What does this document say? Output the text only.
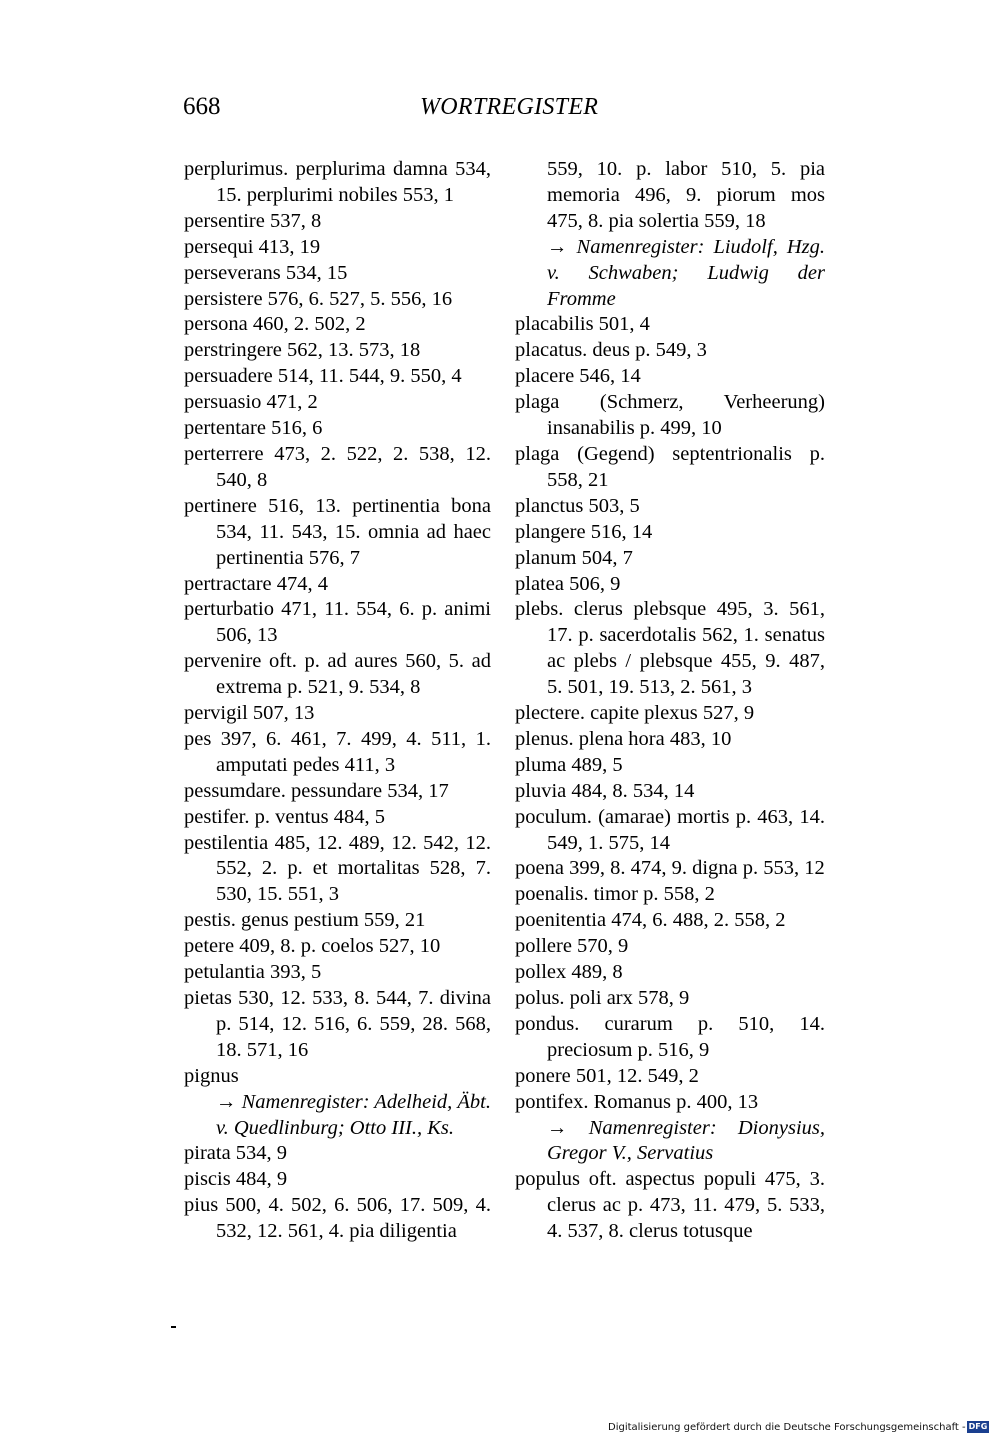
668	WORTREGISTER
perplurimus. perplurima damna 534, 15. perplurimi nobiles 553, 1
persentire 537, 8
persequi 413, 19
perseverans 534, 15
persistere 576, 6. 527, 5. 556, 16
persona 460, 2. 502, 2
perstringere 562, 13. 573, 18
persuadere 514, 11. 544, 9. 550, 4
persuasio 471, 2
pertentare 516, 6
perterrere 473, 2. 522, 2. 538, 12. 540, 8
pertinere 516, 13. pertinentia bona 534, 11. 543, 15. omnia ad haec pertinentia 576, 7
pertractare 474, 4
perturbatio 471, 11. 554, 6. p. animi 506, 13
pervenire oft. p. ad aures 560, 5. ad extrema p. 521, 9. 534, 8
pervigil 507, 13
pes 397, 6. 461, 7. 499, 4. 511, 1. amputati pedes 411, 3
pessumdare. pessundare 534, 17
pestifer. p. ventus 484, 5
pestilentia 485, 12. 489, 12. 542, 12. 552, 2. p. et mortalitas 528, 7. 530, 15. 551, 3
pestis. genus pestium 559, 21
petere 409, 8. p. coelos 527, 10
petulantia 393, 5
pietas 530, 12. 533, 8. 544, 7. divina p. 514, 12. 516, 6. 559, 28. 568, 18. 571, 16
pignus
→ Namenregister: Adelheid, Äbt. v. Quedlinburg; Otto III., Ks.
pirata 534, 9
piscis 484, 9
pius 500, 4. 502, 6. 506, 17. 509, 4. 532, 12. 561, 4. pia diligentia
559, 10. p. labor 510, 5. pia memoria 496, 9. piorum mos 475, 8. pia solertia 559, 18
→ Namenregister: Liudolf, Hzg. v. Schwaben; Ludwig der Fromme
placabilis 501, 4
placatus. deus p. 549, 3
placere 546, 14
plaga (Schmerz, Verheerung) insanabilis p. 499, 10
plaga (Gegend) septentrionalis p. 558, 21
planctus 503, 5
plangere 516, 14
planum 504, 7
platea 506, 9
plebs. clerus plebsque 495, 3. 561, 17. p. sacerdotalis 562, 1. senatus ac plebs / plebsque 455, 9. 487, 5. 501, 19. 513, 2. 561, 3
plectere. capite plexus 527, 9
plenus. plena hora 483, 10
pluma 489, 5
pluvia 484, 8. 534, 14
poculum. (amarae) mortis p. 463, 14. 549, 1. 575, 14
poena 399, 8. 474, 9. digna p. 553, 12
poenalis. timor p. 558, 2
poenitentia 474, 6. 488, 2. 558, 2
pollere 570, 9
pollex 489, 8
polus. poli arx 578, 9
pondus. curarum p. 510, 14. preciosum p. 516, 9
ponere 501, 12. 549, 2
pontifex. Romanus p. 400, 13
→ Namenregister: Dionysius, Gregor V., Servatius
populus oft. aspectus populi 475, 3. clerus ac p. 473, 11. 479, 5. 533, 4. 537, 8. clerus totusque
Digitalisierung gefördert durch die Deutsche Forschungsgemeinschaft - DFG
